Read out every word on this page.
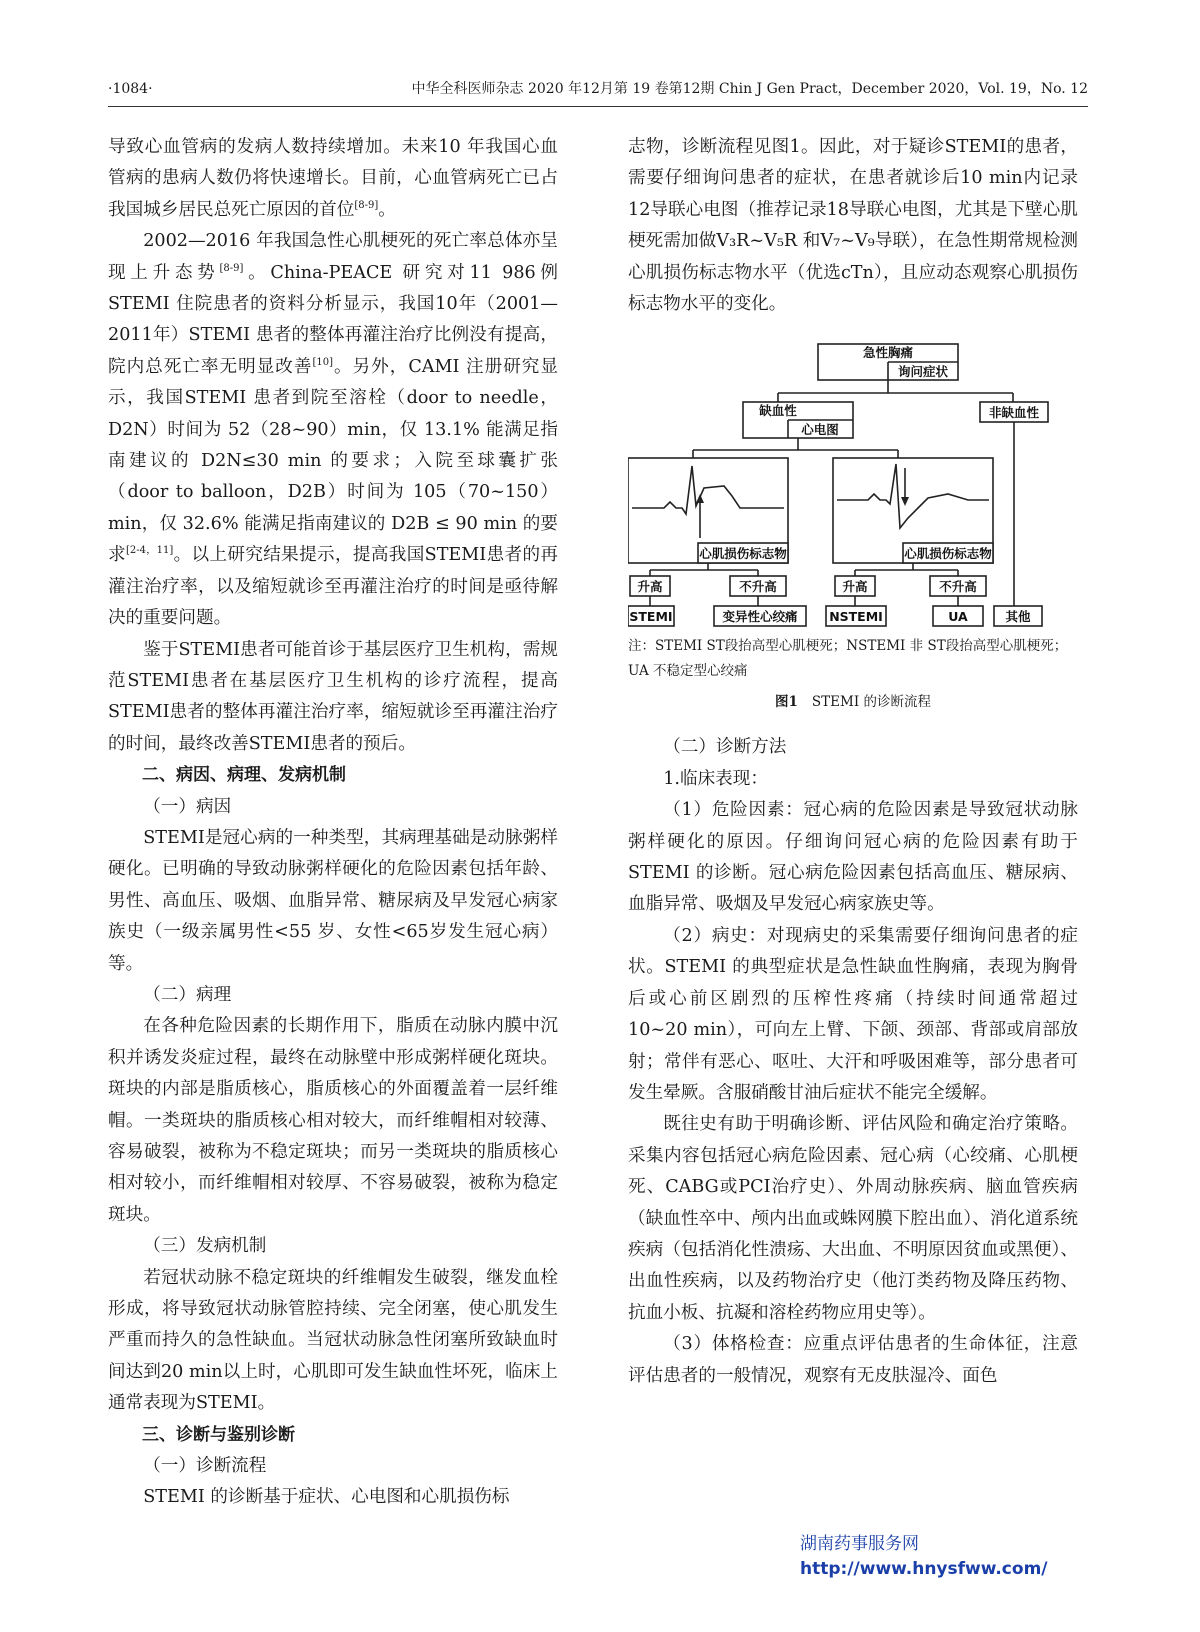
·1084·	中华全科医师杂志 2020 年12月第 19 卷第12期 Chin J Gen Pract，December 2020，Vol. 19，No. 12

导致心血管病的发病人数持续增加。未来10 年我国心血管病的患病人数仍将快速增长。目前，心血管病死亡已占我国城乡居民总死亡原因的首位[8-9]。

2002—2016 年我国急性心肌梗死的死亡率总体亦呈现上升态势[8-9]。China-PEACE 研究对11 986例STEMI 住院患者的资料分析显示，我国10年（2001—2011年）STEMI 患者的整体再灌注治疗比例没有提高，院内总死亡率无明显改善[10]。另外，CAMI 注册研究显示，我国STEMI 患者到院至溶栓（door to needle，D2N）时间为 52（28~90）min，仅 13.1% 能满足指南建议的 D2N≤30 min 的要求；入院至球囊扩张（door to balloon，D2B）时间为 105（70~150）min，仅 32.6% 能满足指南建议的 D2B ≤ 90 min 的要求[2-4，11]。以上研究结果提示，提高我国STEMI患者的再灌注治疗率，以及缩短就诊至再灌注治疗的时间是亟待解决的重要问题。

鉴于STEMI患者可能首诊于基层医疗卫生机构，需规范STEMI患者在基层医疗卫生机构的诊疗流程，提高STEMI患者的整体再灌注治疗率，缩短就诊至再灌注治疗的时间，最终改善STEMI患者的预后。

二、病因、病理、发病机制

（一）病因

STEMI是冠心病的一种类型，其病理基础是动脉粥样硬化。已明确的导致动脉粥样硬化的危险因素包括年龄、男性、高血压、吸烟、血脂异常、糖尿病及早发冠心病家族史（一级亲属男性<55 岁、女性<65岁发生冠心病）等。

（二）病理

在各种危险因素的长期作用下，脂质在动脉内膜中沉积并诱发炎症过程，最终在动脉壁中形成粥样硬化斑块。斑块的内部是脂质核心，脂质核心的外面覆盖着一层纤维帽。一类斑块的脂质核心相对较大，而纤维帽相对较薄、容易破裂，被称为不稳定斑块；而另一类斑块的脂质核心相对较小，而纤维帽相对较厚、不容易破裂，被称为稳定斑块。

（三）发病机制

若冠状动脉不稳定斑块的纤维帽发生破裂，继发血栓形成，将导致冠状动脉管腔持续、完全闭塞，使心肌发生严重而持久的急性缺血。当冠状动脉急性闭塞所致缺血时间达到20 min以上时，心肌即可发生缺血性坏死，临床上通常表现为STEMI。

三、诊断与鉴别诊断

（一）诊断流程

STEMI 的诊断基于症状、心电图和心肌损伤标

志物，诊断流程见图1。因此，对于疑诊STEMI的患者，需要仔细询问患者的症状，在患者就诊后10 min内记录12导联心电图（推荐记录18导联心电图，尤其是下壁心肌梗死需加做V₃R~V₅R 和V₇~V₉导联），在急性期常规检测心肌损伤标志物水平（优选cTn），且应动态观察心肌损伤标志物水平的变化。

急性胸痛
询问症状
缺血性
心电图
非缺血性
心肌损伤标志物	心肌损伤标志物
升高	不升高	升高	不升高
STEMI	变异性心绞痛	NSTEMI	UA	其他
注：STEMI ST段抬高型心肌梗死；NSTEMI 非 ST段抬高型心肌梗死；UA 不稳定型心绞痛
图1 STEMI 的诊断流程

（二）诊断方法

1.临床表现：

（1）危险因素：冠心病的危险因素是导致冠状动脉粥样硬化的原因。仔细询问冠心病的危险因素有助于STEMI 的诊断。冠心病危险因素包括高血压、糖尿病、血脂异常、吸烟及早发冠心病家族史等。

（2）病史：对现病史的采集需要仔细询问患者的症状。STEMI 的典型症状是急性缺血性胸痛，表现为胸骨后或心前区剧烈的压榨性疼痛（持续时间通常超过 10~20 min），可向左上臂、下颌、颈部、背部或肩部放射；常伴有恶心、呕吐、大汗和呼吸困难等，部分患者可发生晕厥。含服硝酸甘油后症状不能完全缓解。

既往史有助于明确诊断、评估风险和确定治疗策略。采集内容包括冠心病危险因素、冠心病（心绞痛、心肌梗死、CABG或PCI治疗史）、外周动脉疾病、脑血管疾病（缺血性卒中、颅内出血或蛛网膜下腔出血）、消化道系统疾病（包括消化性溃疡、大出血、不明原因贫血或黑便）、出血性疾病，以及药物治疗史（他汀类药物及降压药物、抗血小板、抗凝和溶栓药物应用史等）。

（3）体格检查：应重点评估患者的生命体征，注意评估患者的一般情况，观察有无皮肤湿冷、面色

湖南药事服务网
http://www.hnysfww.com/
